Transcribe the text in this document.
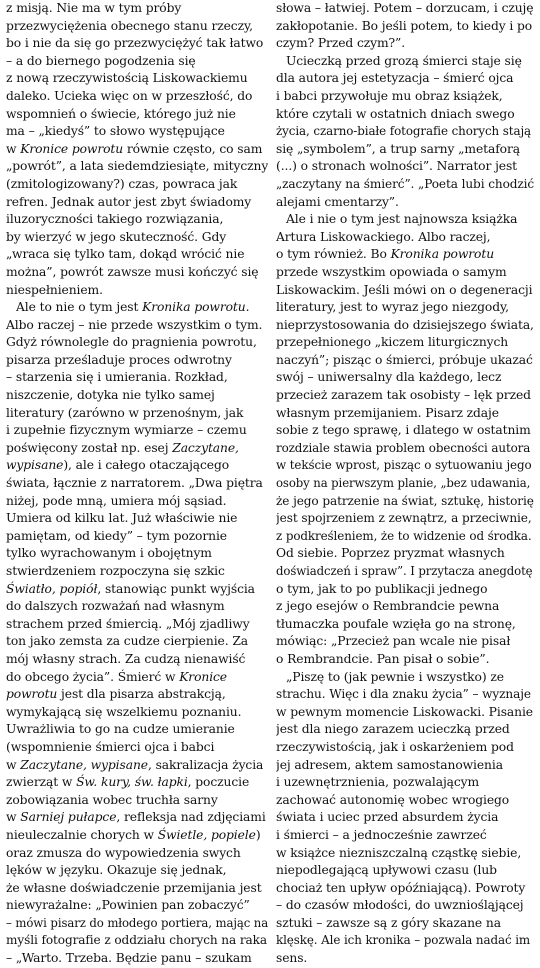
z misją. Nie ma w tym próby
przezwyciężenia obecnego stanu rzeczy,
bo i nie da się go przezwyciężyć tak łatwo
– a do biernego pogodzenia się
z nową rzeczywistością Liskowackiemu
daleko. Ucieka więc on w przeszłość, do
wspomnień o świecie, którego już nie
ma – „kiedyś” to słowo występujące
w Kronice powrotu równie często, co sam
„powrót”, a lata siedemdziesiąte, mityczny
(zmitologizowany?) czas, powraca jak
refren. Jednak autor jest zbyt świadomy
iluzoryczności takiego rozwiązania,
by wierzyć w jego skuteczność. Gdy
„wraca się tylko tam, dokąd wrócić nie
można”, powrót zawsze musi kończyć się
niespełnieniem.
Ale to nie o tym jest Kronika powrotu.
Albo raczej – nie przede wszystkim o tym.
Gdyż równolegle do pragnienia powrotu,
pisarza prześladuje proces odwrotny
– starzenia się i umierania. Rozkład,
niszczenie, dotyka nie tylko samej
literatury (zarówno w przenośnym, jak
i zupełnie fizycznym wymiarze – czemu
poświęcony został np. esej Zaczytane,
wypisane), ale i całego otaczającego
świata, łącznie z narratorem. „Dwa piętra
niżej, pode mną, umiera mój sąsiad.
Umiera od kilku lat. Już właściwie nie
pamiętam, od kiedy” – tym pozornie
tylko wyrachowanym i obojętnym
stwierdzeniem rozpoczyna się szkic
Światło, popiół, stanowiąc punkt wyjścia
do dalszych rozważań nad własnym
strachem przed śmiercią. „Mój zjadliwy
ton jako zemsta za cudze cierpienie. Za
mój własny strach. Za cudzą nienawiść
do obcego życia”. Śmierć w Kronice
powrotu jest dla pisarza abstrakcją,
wymykającą się wszelkiemu poznaniu.
Uwrażliwia to go na cudze umieranie
(wspomnienie śmierci ojca i babci
w Zaczytane, wypisane, sakralizacja życia
zwierząt w Św. kury, św. łapki, poczucie
zobowiązania wobec truchła sarny
w Sarniej pułapce, refleksja nad zdjęciami
nieuleczalnie chorych w Świetle, popiele)
oraz zmusza do wypowiedzenia swych
lęków w języku. Okazuje się jednak,
że własne doświadczenie przemijania jest
niewyrażalne: „Powinien pan zobaczyć”
– mówi pisarz do młodego portiera, mając na
myśli fotografie z oddziału chorych na raka
– „Warto. Trzeba. Będzie panu – szukam
słowa – łatwiej. Potem – dorzucam, i czuję
zakłopotanie. Bo jeśli potem, to kiedy i po
czym? Przed czym?”.
Ucieczką przed grozą śmierci staje się
dla autora jej estetyzacja – śmierć ojca
i babci przywołuje mu obraz książek,
które czytali w ostatnich dniach swego
życia, czarno-białe fotografie chorych stają
się „symbolem”, a trup sarny „metaforą
(...) o stronach wolności”. Narrator jest
„zaczytany na śmierć”. „Poeta lubi chodzić
alejami cmentarzy”.
Ale i nie o tym jest najnowsza książka
Artura Liskowackiego. Albo raczej,
o tym również. Bo Kronika powrotu
przede wszystkim opowiada o samym
Liskowackim. Jeśli mówi on o degeneracji
literatury, jest to wyraz jego niezgody,
nieprzystosowania do dzisiejszego świata,
przepełnionego „kiczem liturgicznych
naczyń”; pisząc o śmierci, próbuje ukazać
swój – uniwersalny dla każdego, lecz
przecież zarazem tak osobisty – lęk przed
własnym przemijaniem. Pisarz zdaje
sobie z tego sprawę, i dlatego w ostatnim
rozdziale stawia problem obecności autora
w tekście wprost, pisząc o sytuowaniu jego
osoby na pierwszym planie, „bez udawania,
że jego patrzenie na świat, sztukę, historię
jest spojrzeniem z zewnątrz, a przeciwnie,
z podkreśleniem, że to widzenie od środka.
Od siebie. Poprzez pryzmat własnych
doświadczeń i spraw”. I przytacza anegdotę
o tym, jak to po publikacji jednego
z jego esejów o Rembrandcie pewna
tłumaczka poufale wzięła go na stronę,
mówiąc: „Przecież pan wcale nie pisał
o Rembrandcie. Pan pisał o sobie”.
„Piszę to (jak pewnie i wszystko) ze
strachu. Więc i dla znaku życia” – wyznaje
w pewnym momencie Liskowacki. Pisanie
jest dla niego zarazem ucieczką przed
rzeczywistością, jak i oskarżeniem pod
jej adresem, aktem samostanowienia
i uzewnętrznienia, pozwalającym
zachować autonomię wobec wrogiego
świata i uciec przed absurdem życia
i śmierci – a jednocześnie zawrzeć
w książce niezniszczalną cząstkę siebie,
niepodlegającą upływowi czasu (lub
chociaż ten upływ opóźniającą). Powroty
– do czasów młodości, do uwzniośląjącej
sztuki – zawsze są z góry skazane na
klęskę. Ale ich kronika – pozwala nadać im
sens.
